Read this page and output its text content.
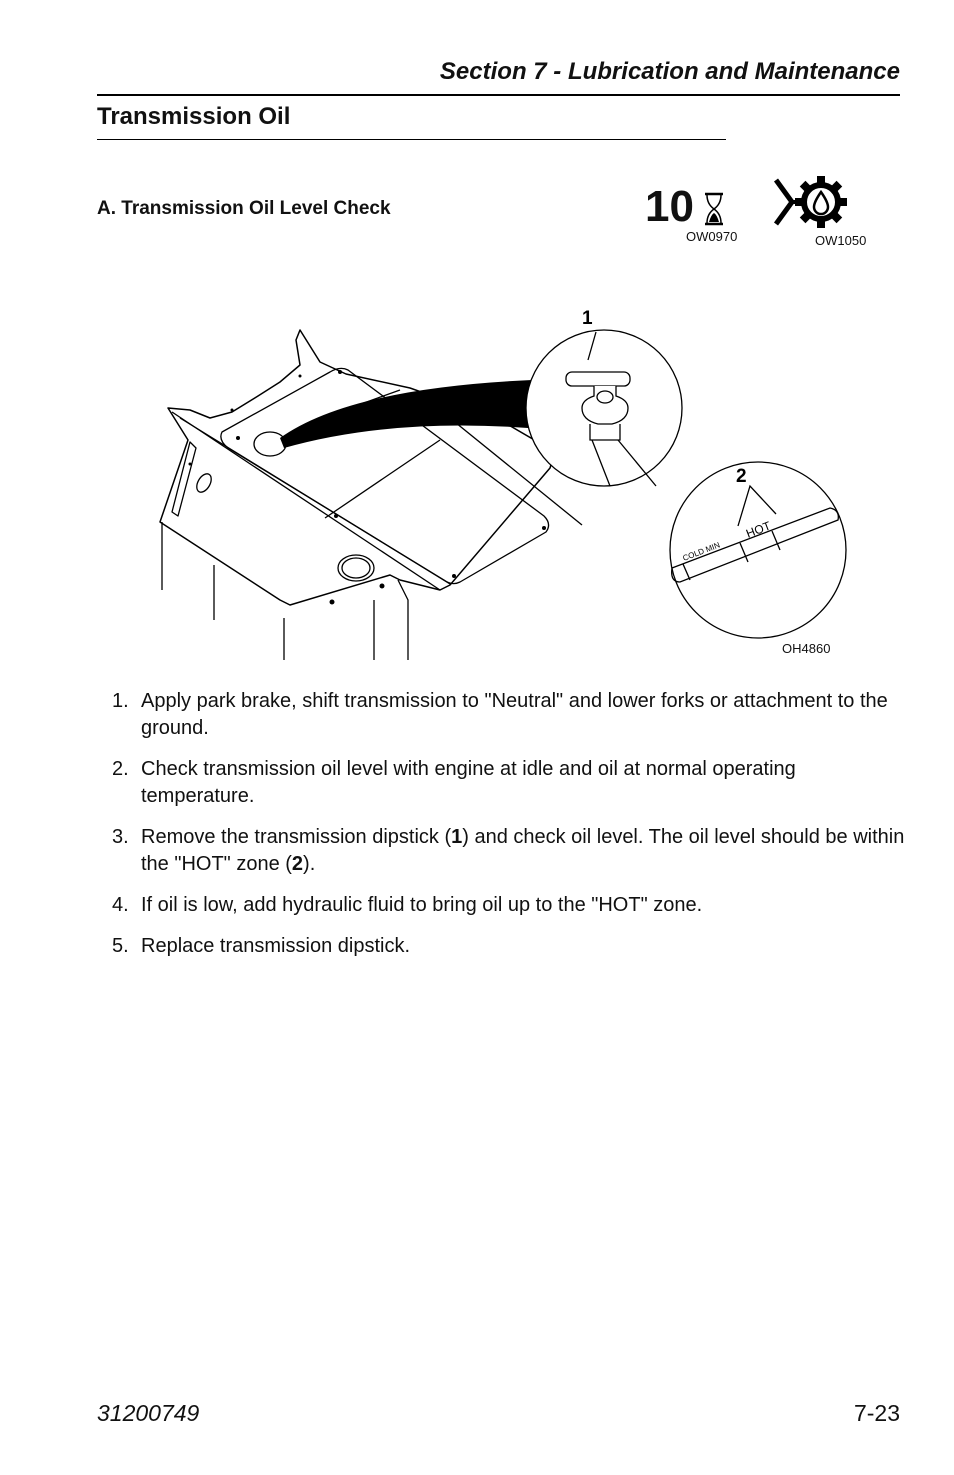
Section 7 - Lubrication and Maintenance
Transmission Oil
A. Transmission Oil Level Check	10
OW0970	OW1050
1
2
COLD MIN
HOT
OH4860
1. Apply park brake, shift transmission to "Neutral" and lower forks or attachment to the ground.
2. Check transmission oil level with engine at idle and oil at normal operating temperature.
3. Remove the transmission dipstick (1) and check oil level. The oil level should be within the "HOT" zone (2).
4. If oil is low, add hydraulic fluid to bring oil up to the "HOT" zone.
5. Replace transmission dipstick.
31200749	7-23
